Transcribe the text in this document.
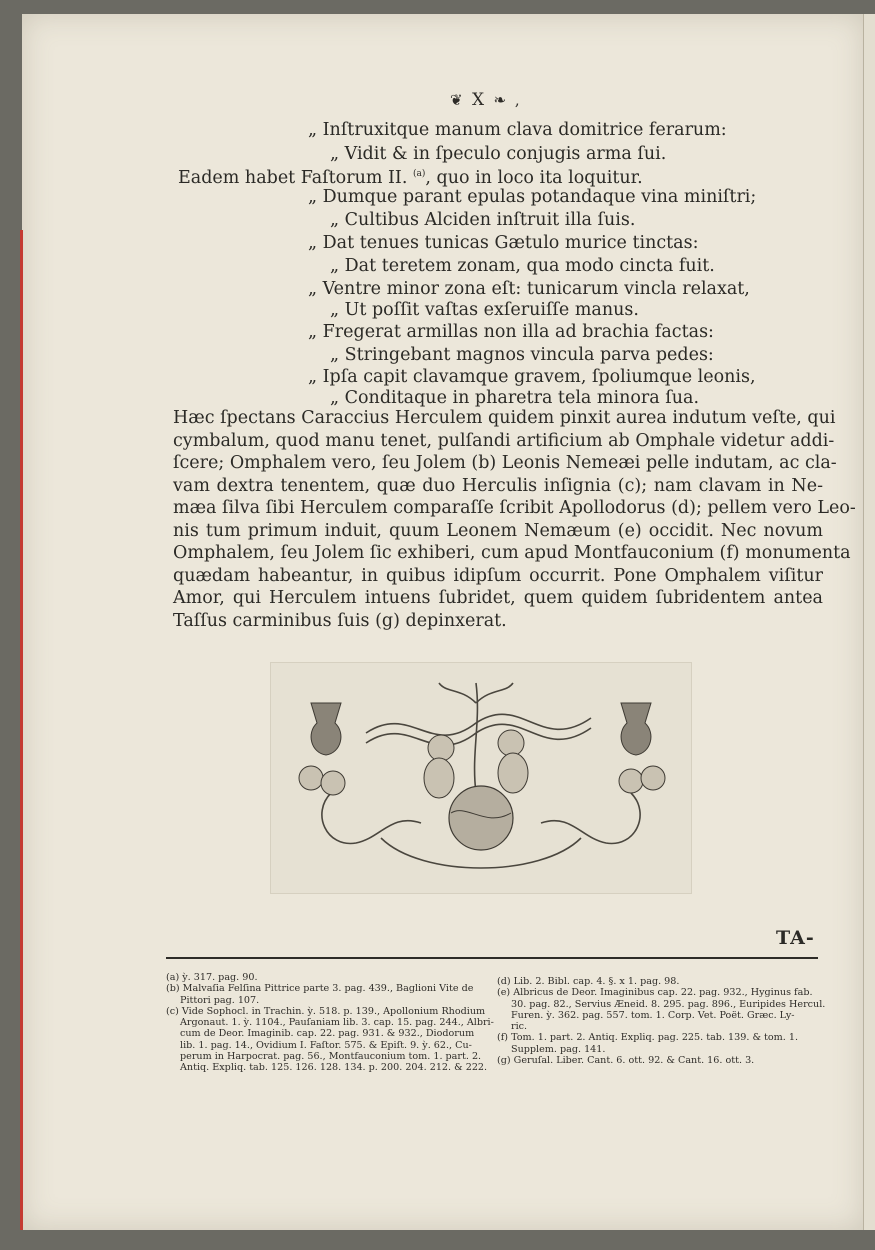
❦ X ❧ ,
„ Inſtruxitque manum clava domitrice ferarum:
„ Vidit & in ſpeculo conjugis arma ſui.
Eadem habet Faſtorum II. $^{(a)}$, quo in loco ita loquitur.
„ Dumque parant epulas potandaque vina miniſtri;
„ Cultibus Alciden inſtruit illa ſuis.
„ Dat tenues tunicas Gætulo murice tinctas:
„ Dat teretem zonam, qua modo cincta fuit.
„ Ventre minor zona eſt: tunicarum vincla relaxat,
„ Ut poſſit vaſtas exſeruiſſe manus.
„ Fregerat armillas non illa ad brachia factas:
„ Stringebant magnos vincula parva pedes:
„ Ipſa capit clavamque gravem, ſpoliumque leonis,
„ Conditaque in pharetra tela minora ſua.
Hæc ſpectans Caraccius Herculem quidem pinxit aurea indutum veſte, qui
cymbalum, quod manu tenet, pulſandi artificium ab Omphale videtur addi-
ſcere; Omphalem vero, ſeu Jolem (b) Leonis Nemeæi pelle indutam, ac cla-
vam dextra tenentem, quæ duo Herculis inſignia (c); nam clavam in Ne-
mæa ſilva ſibi Herculem comparaſſe ſcribit Apollodorus (d); pellem vero Leo-
nis tum primum induit, quum Leonem Nemæum (e) occidit. Nec novum
Omphalem, ſeu Jolem ſic exhiberi, cum apud Montfauconium (f) monumenta
quædam habeantur, in quibus idipſum occurrit. Pone Omphalem viſitur
Amor, qui Herculem intuens ſubridet, quem quidem ſubridentem antea
Taſſus carminibus ſuis (g) depinxerat.
TA-
(a) ỳ. 317. pag. 90.
(b) Malvaſia Felſina Pittrice parte 3. pag. 439., Baglioni Vite de
Pittori pag. 107.
(c) Vide Sophocl. in Trachin. ỳ. 518. p. 139., Apollonium Rhodium
Argonaut. 1. ỳ. 1104., Pauſaniam lib. 3. cap. 15. pag. 244., Albri-
cum de Deor. Imaginib. cap. 22. pag. 931. & 932., Diodorum
lib. 1. pag. 14., Ovidium I. Faſtor. 575. & Epiſt. 9. ỳ. 62., Cu-
perum in Harpocrat. pag. 56., Montfauconium tom. 1. part. 2.
Antiq. Expliq. tab. 125. 126. 128. 134. p. 200. 204. 212. & 222.
(d) Lib. 2. Bibl. cap. 4. §. x 1. pag. 98.
(e) Albricus de Deor. Imaginibus cap. 22. pag. 932., Hyginus fab.
30. pag. 82., Servius Æneid. 8. 295. pag. 896., Euripides Hercul.
Furen. ỳ. 362. pag. 557. tom. 1. Corp. Vet. Poët. Græc. Ly-
ric.
(f) Tom. 1. part. 2. Antiq. Expliq. pag. 225. tab. 139. & tom. 1.
Supplem. pag. 141.
(g) Geruſal. Liber. Cant. 6. ott. 92. & Cant. 16. ott. 3.
